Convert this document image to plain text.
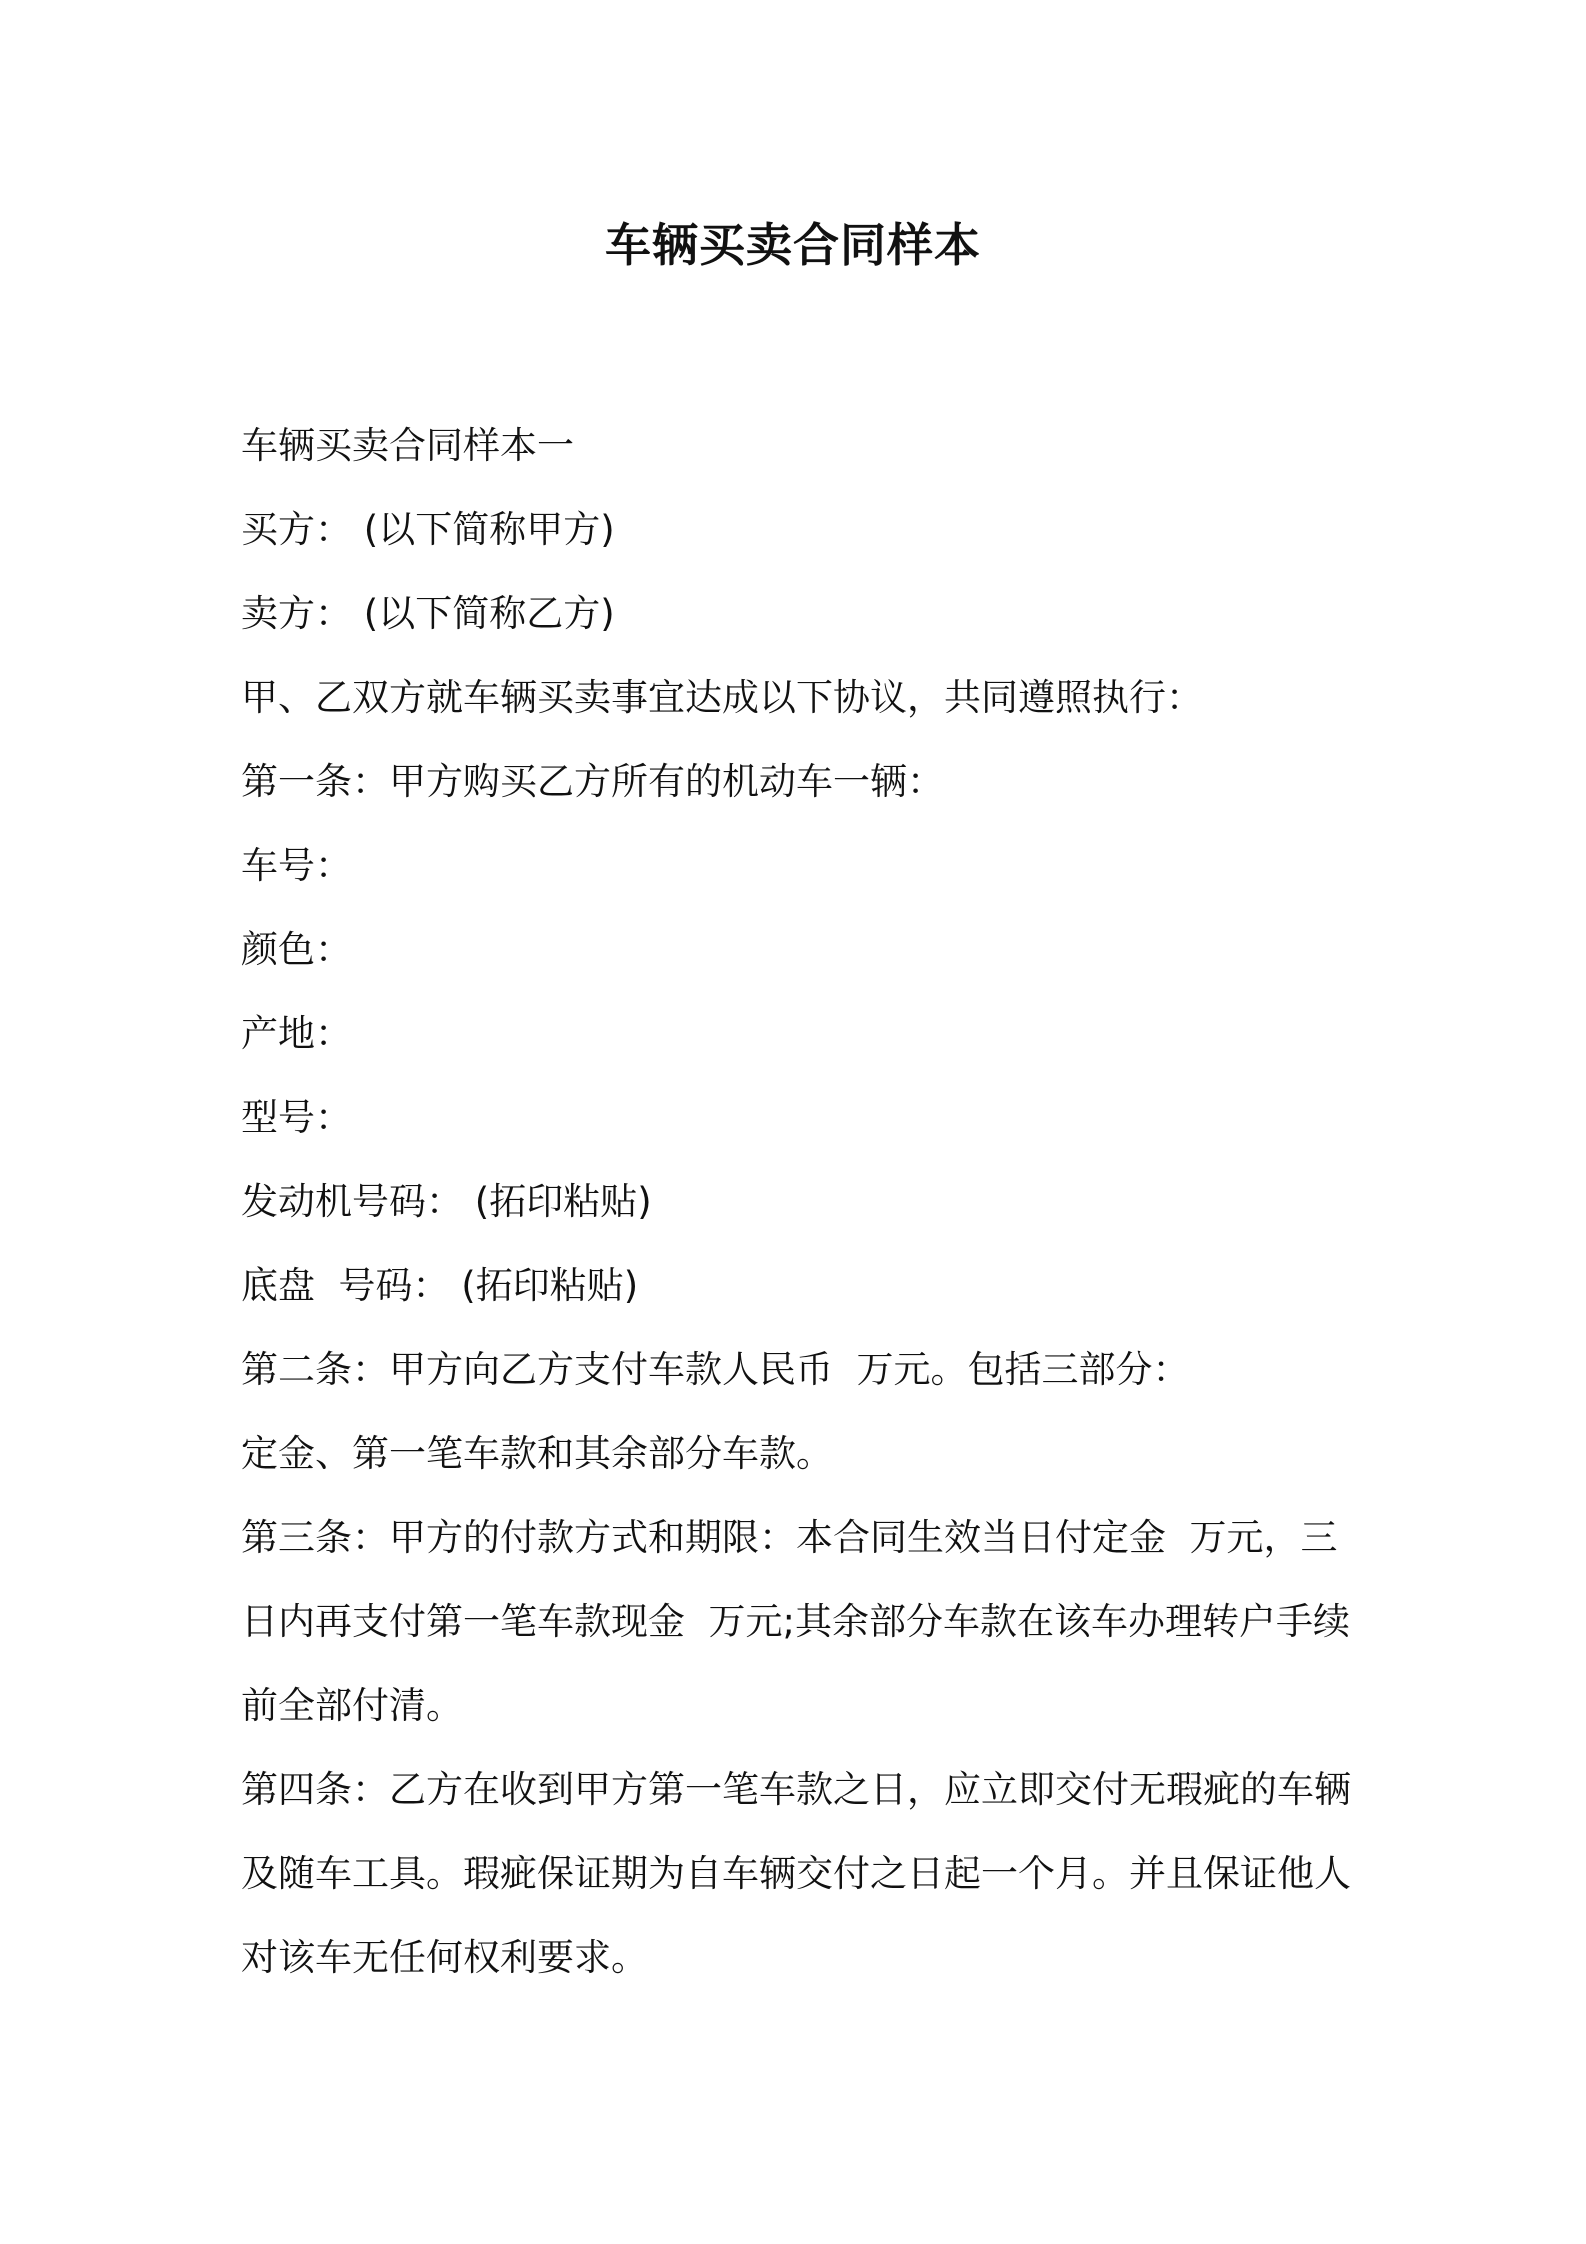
车辆买卖合同样本

车辆买卖合同样本一

买方： (以下简称甲方)

卖方： (以下简称乙方)

甲、乙双方就车辆买卖事宜达成以下协议，共同遵照执行：

第一条：甲方购买乙方所有的机动车一辆：

车号：

颜色：

产地：

型号：

发动机号码： (拓印粘贴)

底盘  号码： (拓印粘贴)

第二条：甲方向乙方支付车款人民币  万元。包括三部分：

定金、第一笔车款和其余部分车款。

第三条：甲方的付款方式和期限：本合同生效当日付定金  万元，三日内再支付第一笔车款现金  万元;其余部分车款在该车办理转户手续前全部付清。

第四条：乙方在收到甲方第一笔车款之日，应立即交付无瑕疵的车辆及随车工具。瑕疵保证期为自车辆交付之日起一个月。并且保证他人对该车无任何权利要求。
